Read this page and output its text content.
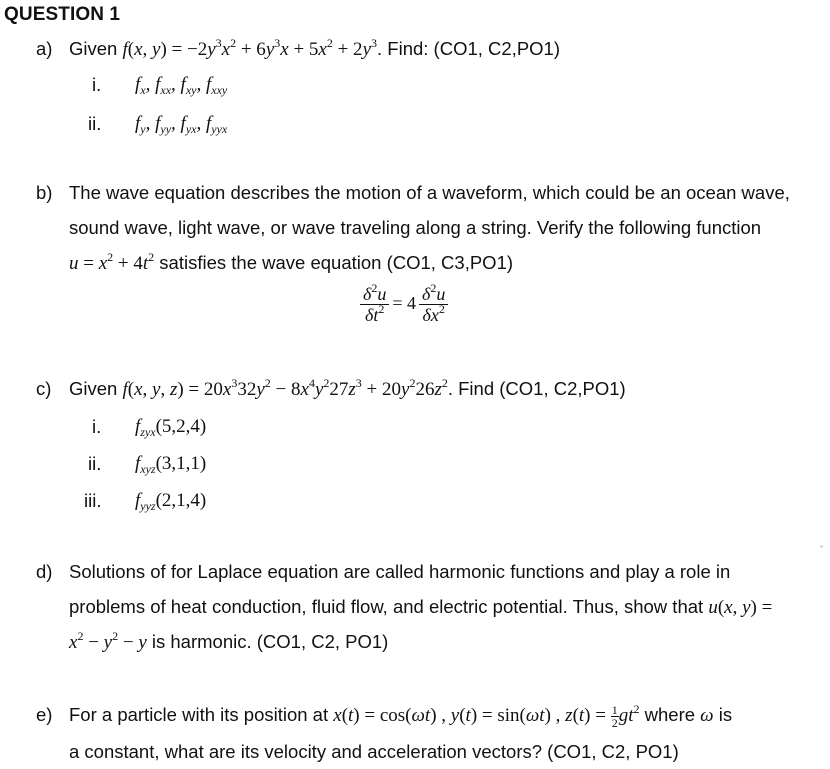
QUESTION 1
a) Given f(x, $y) = -2y^3x^2 + 6y^3x + 5x^2 + 2y^3$. Find: (CO1, C2,PO1)
i. $f_x$, $f_{xx}$, $f_{xy}$, $f_{xxy}$
ii. $f_y$, $f_{yy}$, $f_{yx}$, $f_{yyx}$
b) The wave equation describes the motion of a waveform, which could be an ocean wave,
sound wave, light wave, or wave traveling along a string. Verify the following function
$u = x^2 + 4t^2$ satisfies the wave equation (CO1, C3,PO1)
$\frac{\delta^2u}{\delta t^2} = 4 \frac{\delta^2u}{\delta x^2}$
c) Given f(x, y, $z) = 20x^332y^2 - 8x^4y^227z^3 + 20y^226z^2$. Find (CO1, C2,PO1)
i. $f_{zyx}(5,2,4)$
ii. $f_{xyz}(3,1,1)$
iii. $f_{yyz}(2,1,4)$
d) Solutions of for Laplace equation are called harmonic functions and play a role in
problems of heat conduction, fluid flow, and electric potential. Thus, show that u(x, y) =
$x^2 - y^2 - y$ is harmonic. (CO1, C2, PO1)
e) For a particle with its position at x(t) = cos(ωt) , y(t) = sin(ωt) , $z(t) = \frac{1}{2} gt^2$ where ω is
a constant, what are its velocity and acceleration vectors? (CO1, C2, PO1)
